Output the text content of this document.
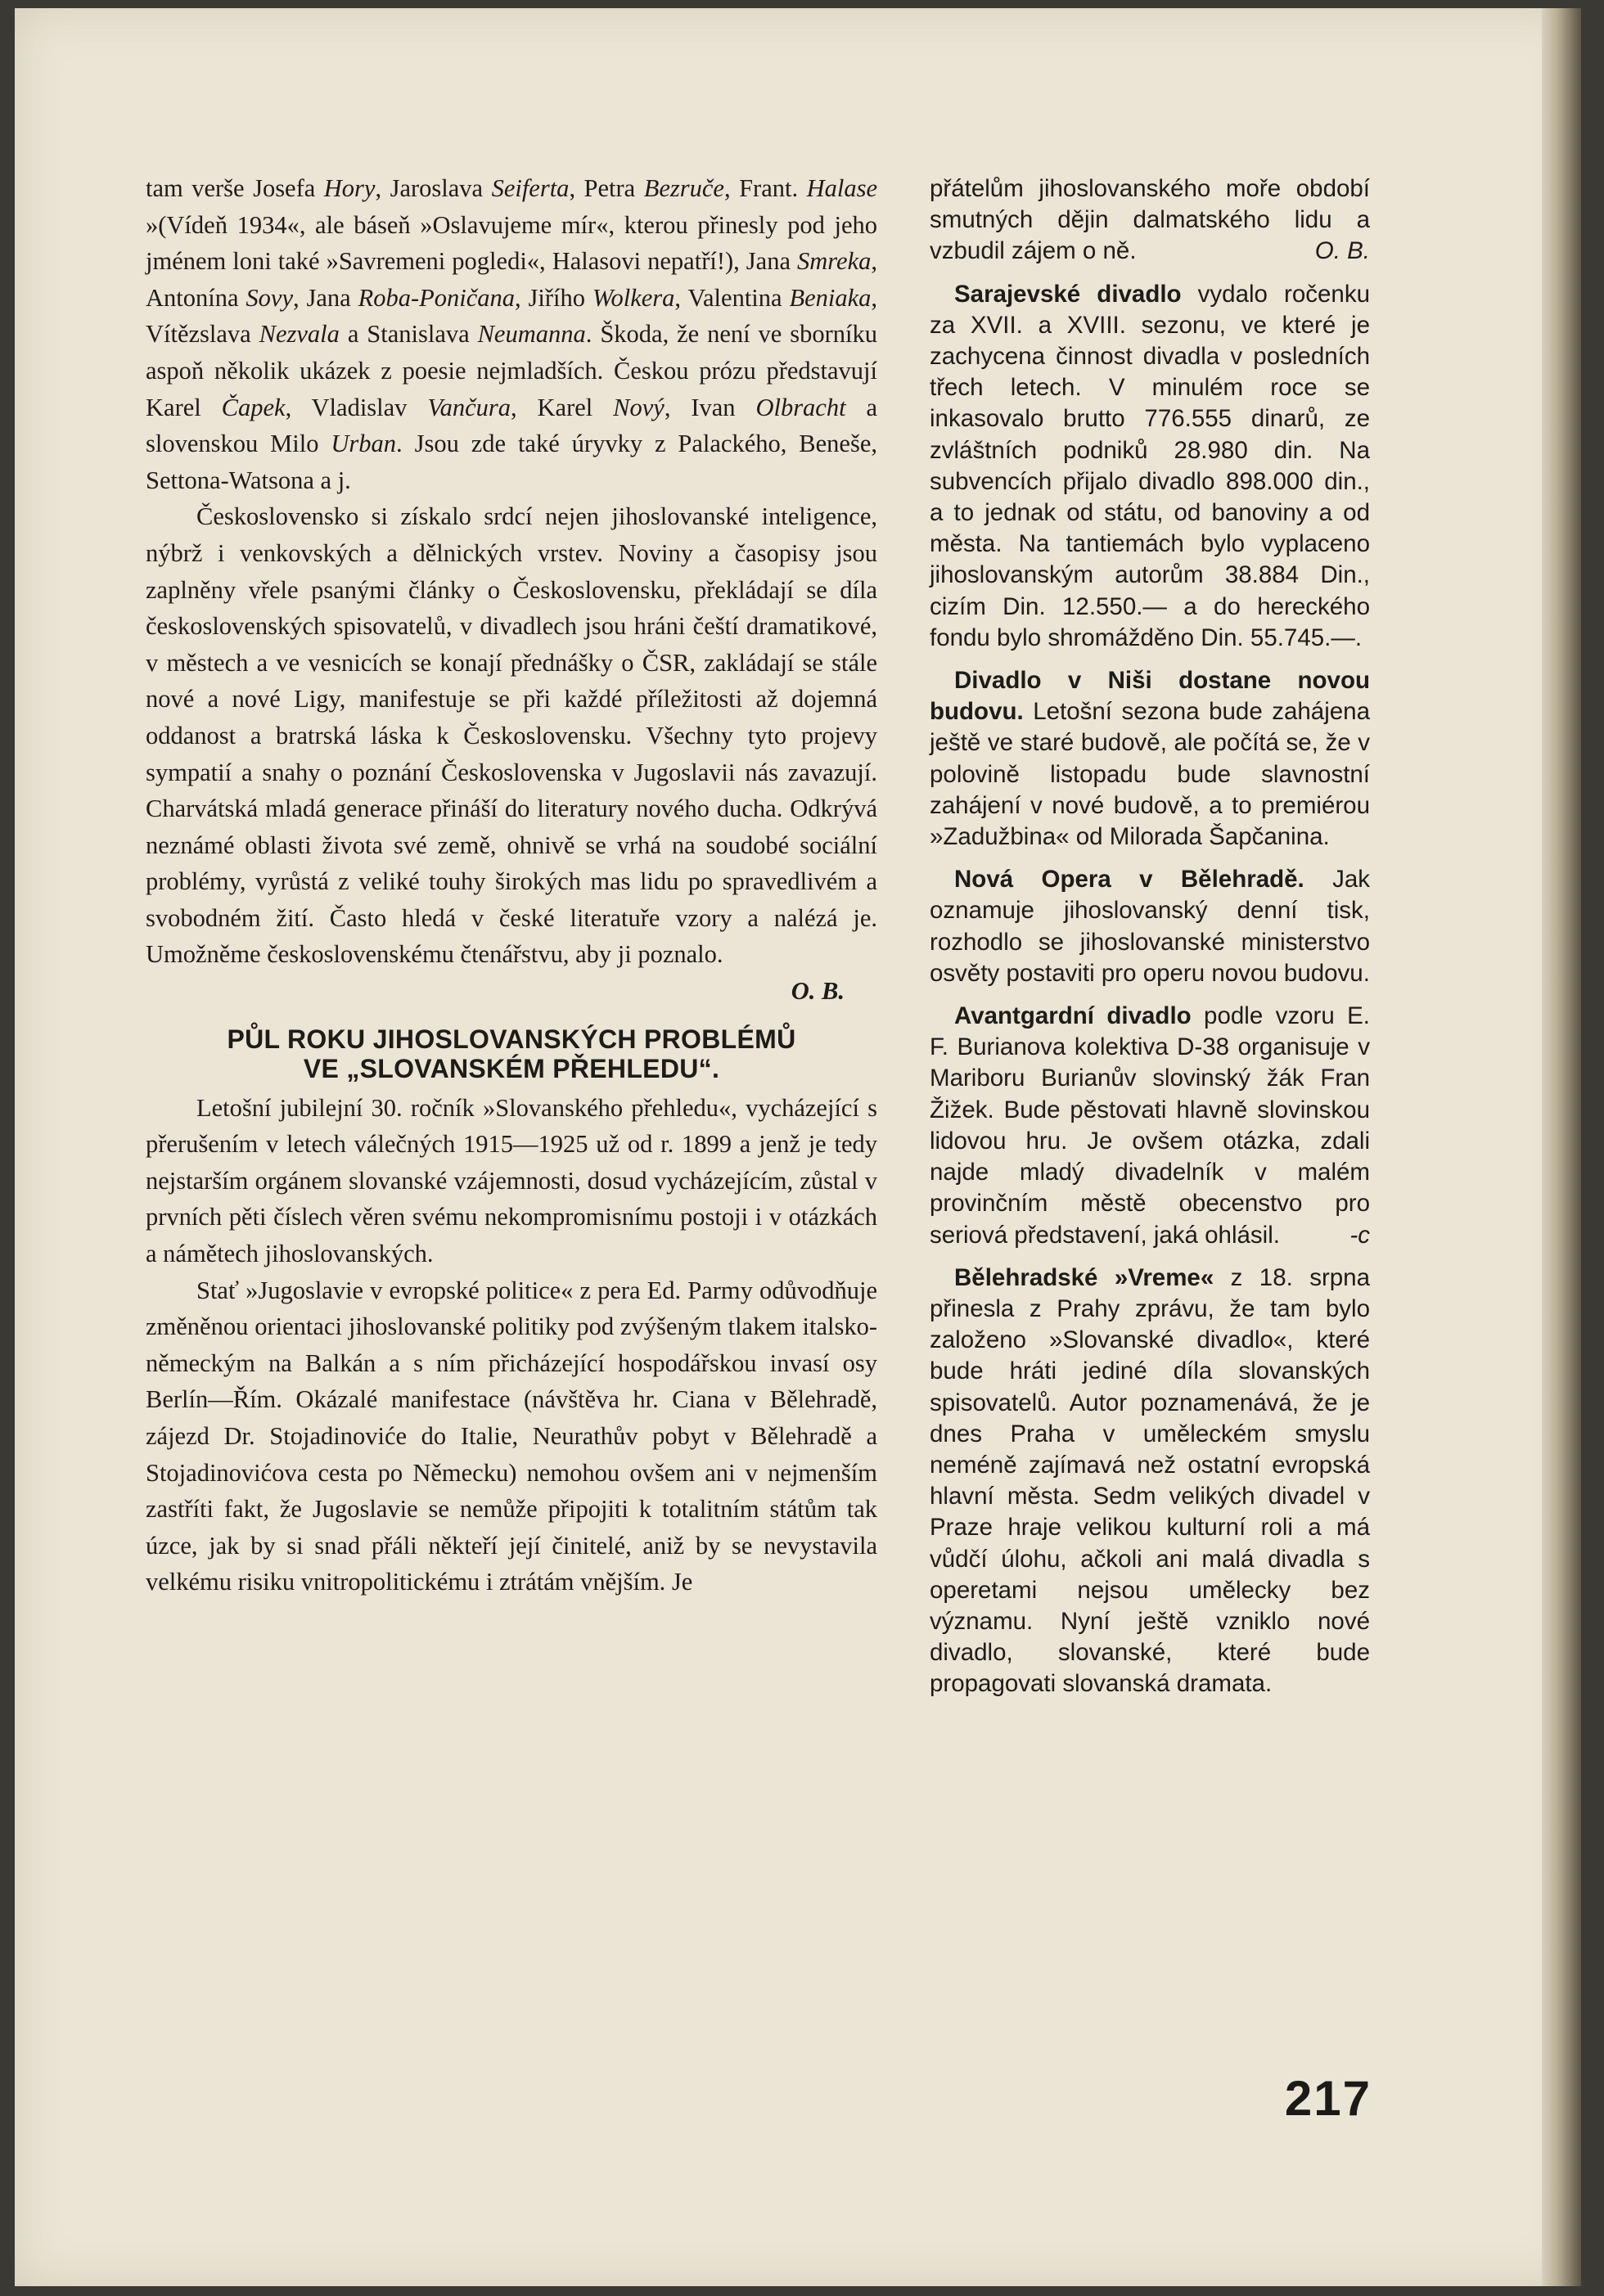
tam verše Josefa Hory, Jaroslava Seiferta, Petra Bezruče, Frant. Halase »(Vídeň 1934«, ale báseň »Oslavujeme mír«, kterou přinesly pod jeho jménem loni také »Savremeni pogledi«, Halasovi nepatří!), Jana Smreka, Antonína Sovy, Jana Roba-Poničana, Jiřího Wolkera, Valentina Beniaka, Vítězslava Nezvala a Stanislava Neumanna. Škoda, že není ve sborníku aspoň několik ukázek z poesie nejmladších. Českou prózu představují Karel Čapek, Vladislav Vančura, Karel Nový, Ivan Olbracht a slovenskou Milo Urban. Jsou zde také úryvky z Palackého, Beneše, Settona-Watsona a j.

Československo si získalo srdcí nejen jihoslovanské inteligence, nýbrž i venkovských a dělnických vrstev. Noviny a časopisy jsou zaplněny vřele psanými články o Československu, překládají se díla československých spisovatelů, v divadlech jsou hráni čeští dramatikové, v městech a ve vesnicích se konají přednášky o ČSR, zakládají se stále nové a nové Ligy, manifestuje se při každé příležitosti až dojemná oddanost a bratrská láska k Československu. Všechny tyto projevy sympatií a snahy o poznání Československa v Jugoslavii nás zavazují. Charvátská mladá generace přináší do literatury nového ducha. Odkrývá neznámé oblasti života své země, ohnivě se vrhá na soudobé sociální problémy, vyrůstá z veliké touhy širokých mas lidu po spravedlivém a svobodném žití. Často hledá v české literatuře vzory a nalézá je. Umožněme československému čtenářstvu, aby ji poznalo.

O. B.

PŮL ROKU JIHOSLOVANSKÝCH PROBLÉMŮ
VE „SLOVANSKÉM PŘEHLEDU“.

Letošní jubilejní 30. ročník »Slovanského přehledu«, vycházející s přerušením v letech válečných 1915—1925 už od r. 1899 a jenž je tedy nejstarším orgánem slovanské vzájemnosti, dosud vycházejícím, zůstal v prvních pěti číslech věren svému nekompromisnímu postoji i v otázkách a námětech jihoslovanských.

Stať »Jugoslavie v evropské politice« z pera Ed. Parmy odůvodňuje změněnou orientaci jihoslovanské politiky pod zvýšeným tlakem italsko-německým na Balkán a s ním přicházející hospodářskou invasí osy Berlín—Řím. Okázalé manifestace (návštěva hr. Ciana v Bělehradě, zájezd Dr. Stojadinoviće do Italie, Neurathův pobyt v Bělehradě a Stojadinovićova cesta po Německu) nemohou ovšem ani v nejmenším zastříti fakt, že Jugoslavie se nemůže připojiti k totalitním státům tak úzce, jak by si snad přáli někteří její činitelé, aniž by se nevystavila velkému risiku vnitropolitickému i ztrátám vnějším. Je

přátelům jihoslovanského moře období smutných dějin dalmatského lidu a vzbudil zájem o ně.	O. B.

Sarajevské divadlo vydalo ročenku za XVII. a XVIII. sezonu, ve které je zachycena činnost divadla v posledních třech letech. V minulém roce se inkasovalo brutto 776.555 dinarů, ze zvláštních podniků 28.980 din. Na subvencích přijalo divadlo 898.000 din., a to jednak od státu, od banoviny a od města. Na tantiemách bylo vyplaceno jihoslovanským autorům 38.884 Din., cizím Din. 12.550.— a do hereckého fondu bylo shromážděno Din. 55.745.—.

Divadlo v Niši dostane novou budovu. Letošní sezona bude zahájena ještě ve staré budově, ale počítá se, že v polovině listopadu bude slavnostní zahájení v nové budově, a to premiérou »Zadužbina« od Milorada Šapčanina.

Nová Opera v Bělehradě. Jak oznamuje jihoslovanský denní tisk, rozhodlo se jihoslovanské ministerstvo osvěty postaviti pro operu novou budovu.

Avantgardní divadlo podle vzoru E. F. Burianova kolektiva D-38 organisuje v Mariboru Burianův slovinský žák Fran Žižek. Bude pěstovati hlavně slovinskou lidovou hru. Je ovšem otázka, zdali najde mladý divadelník v malém provinčním městě obecenstvo pro seriová představení, jaká ohlásil.	-c

Bělehradské »Vreme« z 18. srpna přinesla z Prahy zprávu, že tam bylo založeno »Slovanské divadlo«, které bude hráti jediné díla slovanských spisovatelů. Autor poznamenává, že je dnes Praha v uměleckém smyslu neméně zajímavá než ostatní evropská hlavní města. Sedm velikých divadel v Praze hraje velikou kulturní roli a má vůdčí úlohu, ačkoli ani malá divadla s operetami nejsou umělecky bez významu. Nyní ještě vzniklo nové divadlo, slovanské, které bude propagovati slovanská dramata.

217
